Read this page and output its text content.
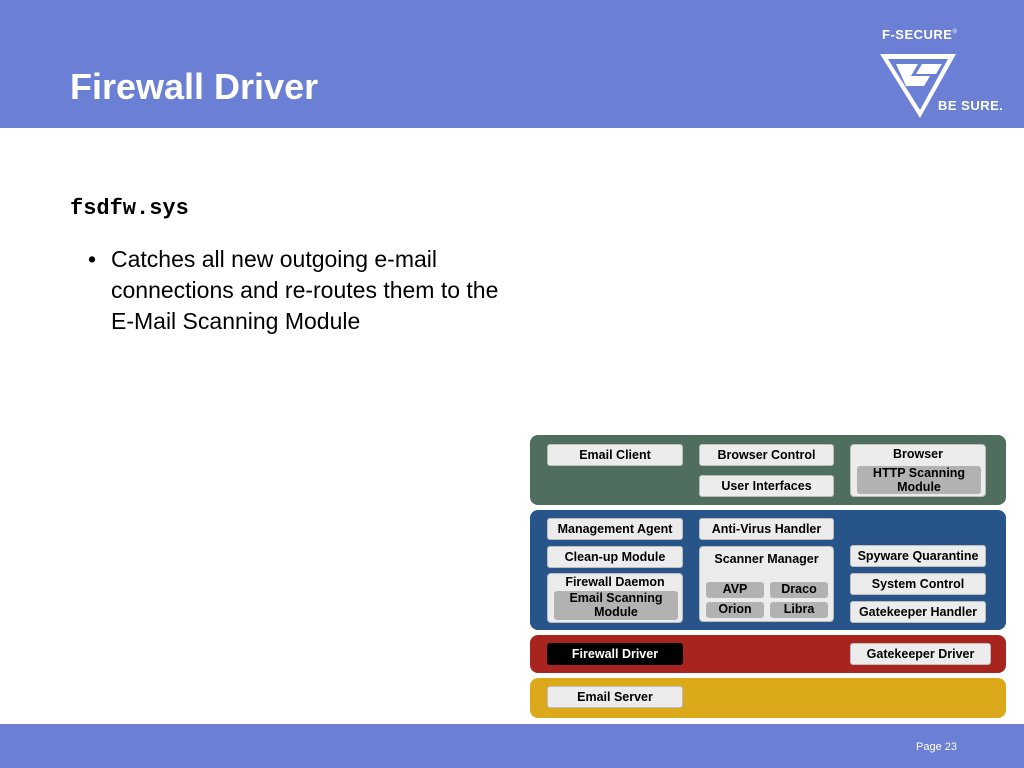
Firewall Driver
F-SECURE®
BE SURE.
fsdfw.sys
• Catches all new outgoing e-mail connections and re-routes them to the E-Mail Scanning Module
Email Client	Browser Control
User Interfaces
Browser
HTTP Scanning Module
Management Agent	Anti-Virus Handler
Clean-up Module	Scanner Manager
AVP	Draco
Orion	Libra
Firewall Daemon
Email Scanning Module
Spyware Quarantine
System Control
Gatekeeper Handler
Firewall Driver	Gatekeeper Driver
Email Server
Page 23
